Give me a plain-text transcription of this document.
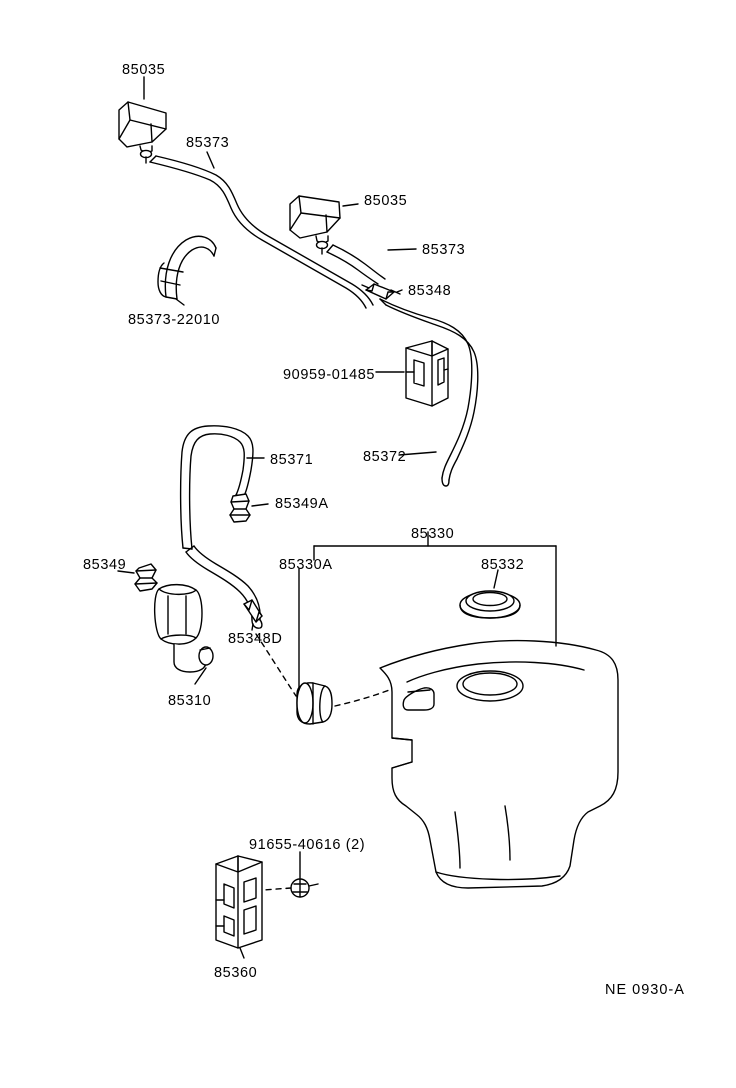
85035
85373
85035
85373
85348
85373-22010
90959-01485
85371	85372
85349A
85349
85330
85330A	85332
85348D
85310
91655-40616 (2)
85360
NE 0930-A
